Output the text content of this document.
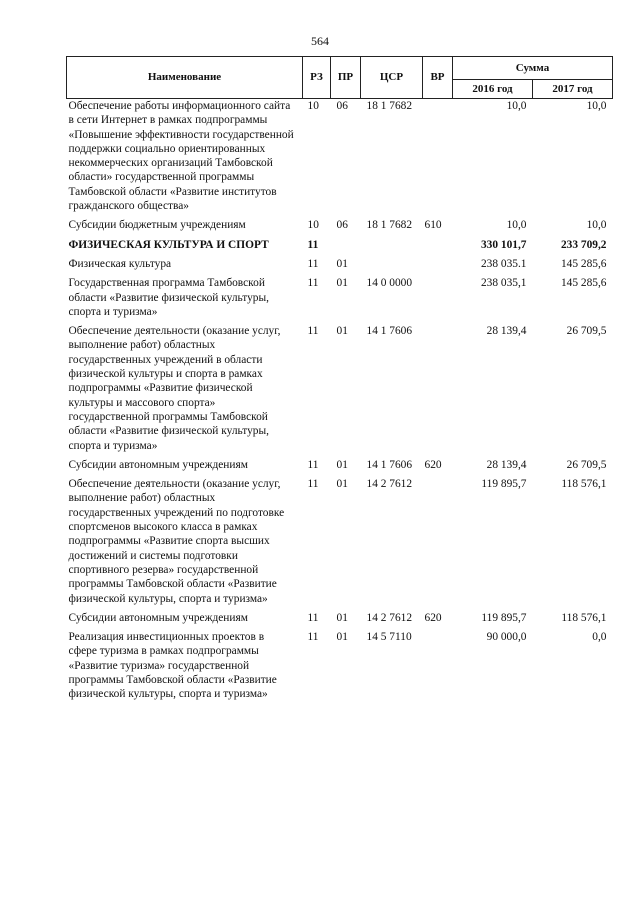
564
Наименование	РЗ	ПР	ЦСР	ВР	Сумма	
					2016 год	2017 год
Обеспечение работы информационного сайта в сети Интернет в рамках подпрограммы «Повышение эффективности государственной поддержки социально ориентированных некоммерческих организаций Тамбовской области» государственной программы Тамбовской области «Развитие институтов гражданского общества»	10	06	18 1 7682		10,0	10,0
Субсидии бюджетным учреждениям	10	06	18 1 7682	610	10,0	10,0
ФИЗИЧЕСКАЯ КУЛЬТУРА И СПОРТ	11				330 101,7	233 709,2
Физическая культура	11	01			238 035.1	145 285,6
Государственная программа Тамбовской области «Развитие физической культуры, спорта и туризма»	11	01	14 0 0000		238 035,1	145 285,6
Обеспечение деятельности (оказание услуг, выполнение работ) областных государственных учреждений в области физической культуры и спорта в рамках подпрограммы «Развитие физической культуры и массового спорта» государственной программы Тамбовской области «Развитие физической культуры, спорта и туризма»	11	01	14 1 7606		28 139,4	26 709,5
Субсидии автономным учреждениям	11	01	14 1 7606	620	28 139,4	26 709,5
Обеспечение деятельности (оказание услуг, выполнение работ) областных государственных учреждений по подготовке спортсменов высокого класса в рамках подпрограммы «Развитие спорта высших достижений и системы подготовки спортивного резерва» государственной программы Тамбовской области «Развитие физической культуры, спорта и туризма»	11	01	14 2 7612		119 895,7	118 576,1
Субсидии автономным учреждениям	11	01	14 2 7612	620	119 895,7	118 576,1
Реализация инвестиционных проектов в сфере туризма в рамках подпрограммы «Развитие туризма» государственной программы Тамбовской области «Развитие физической культуры, спорта и туризма»	11	01	14 5 7110		90 000,0	0,0
